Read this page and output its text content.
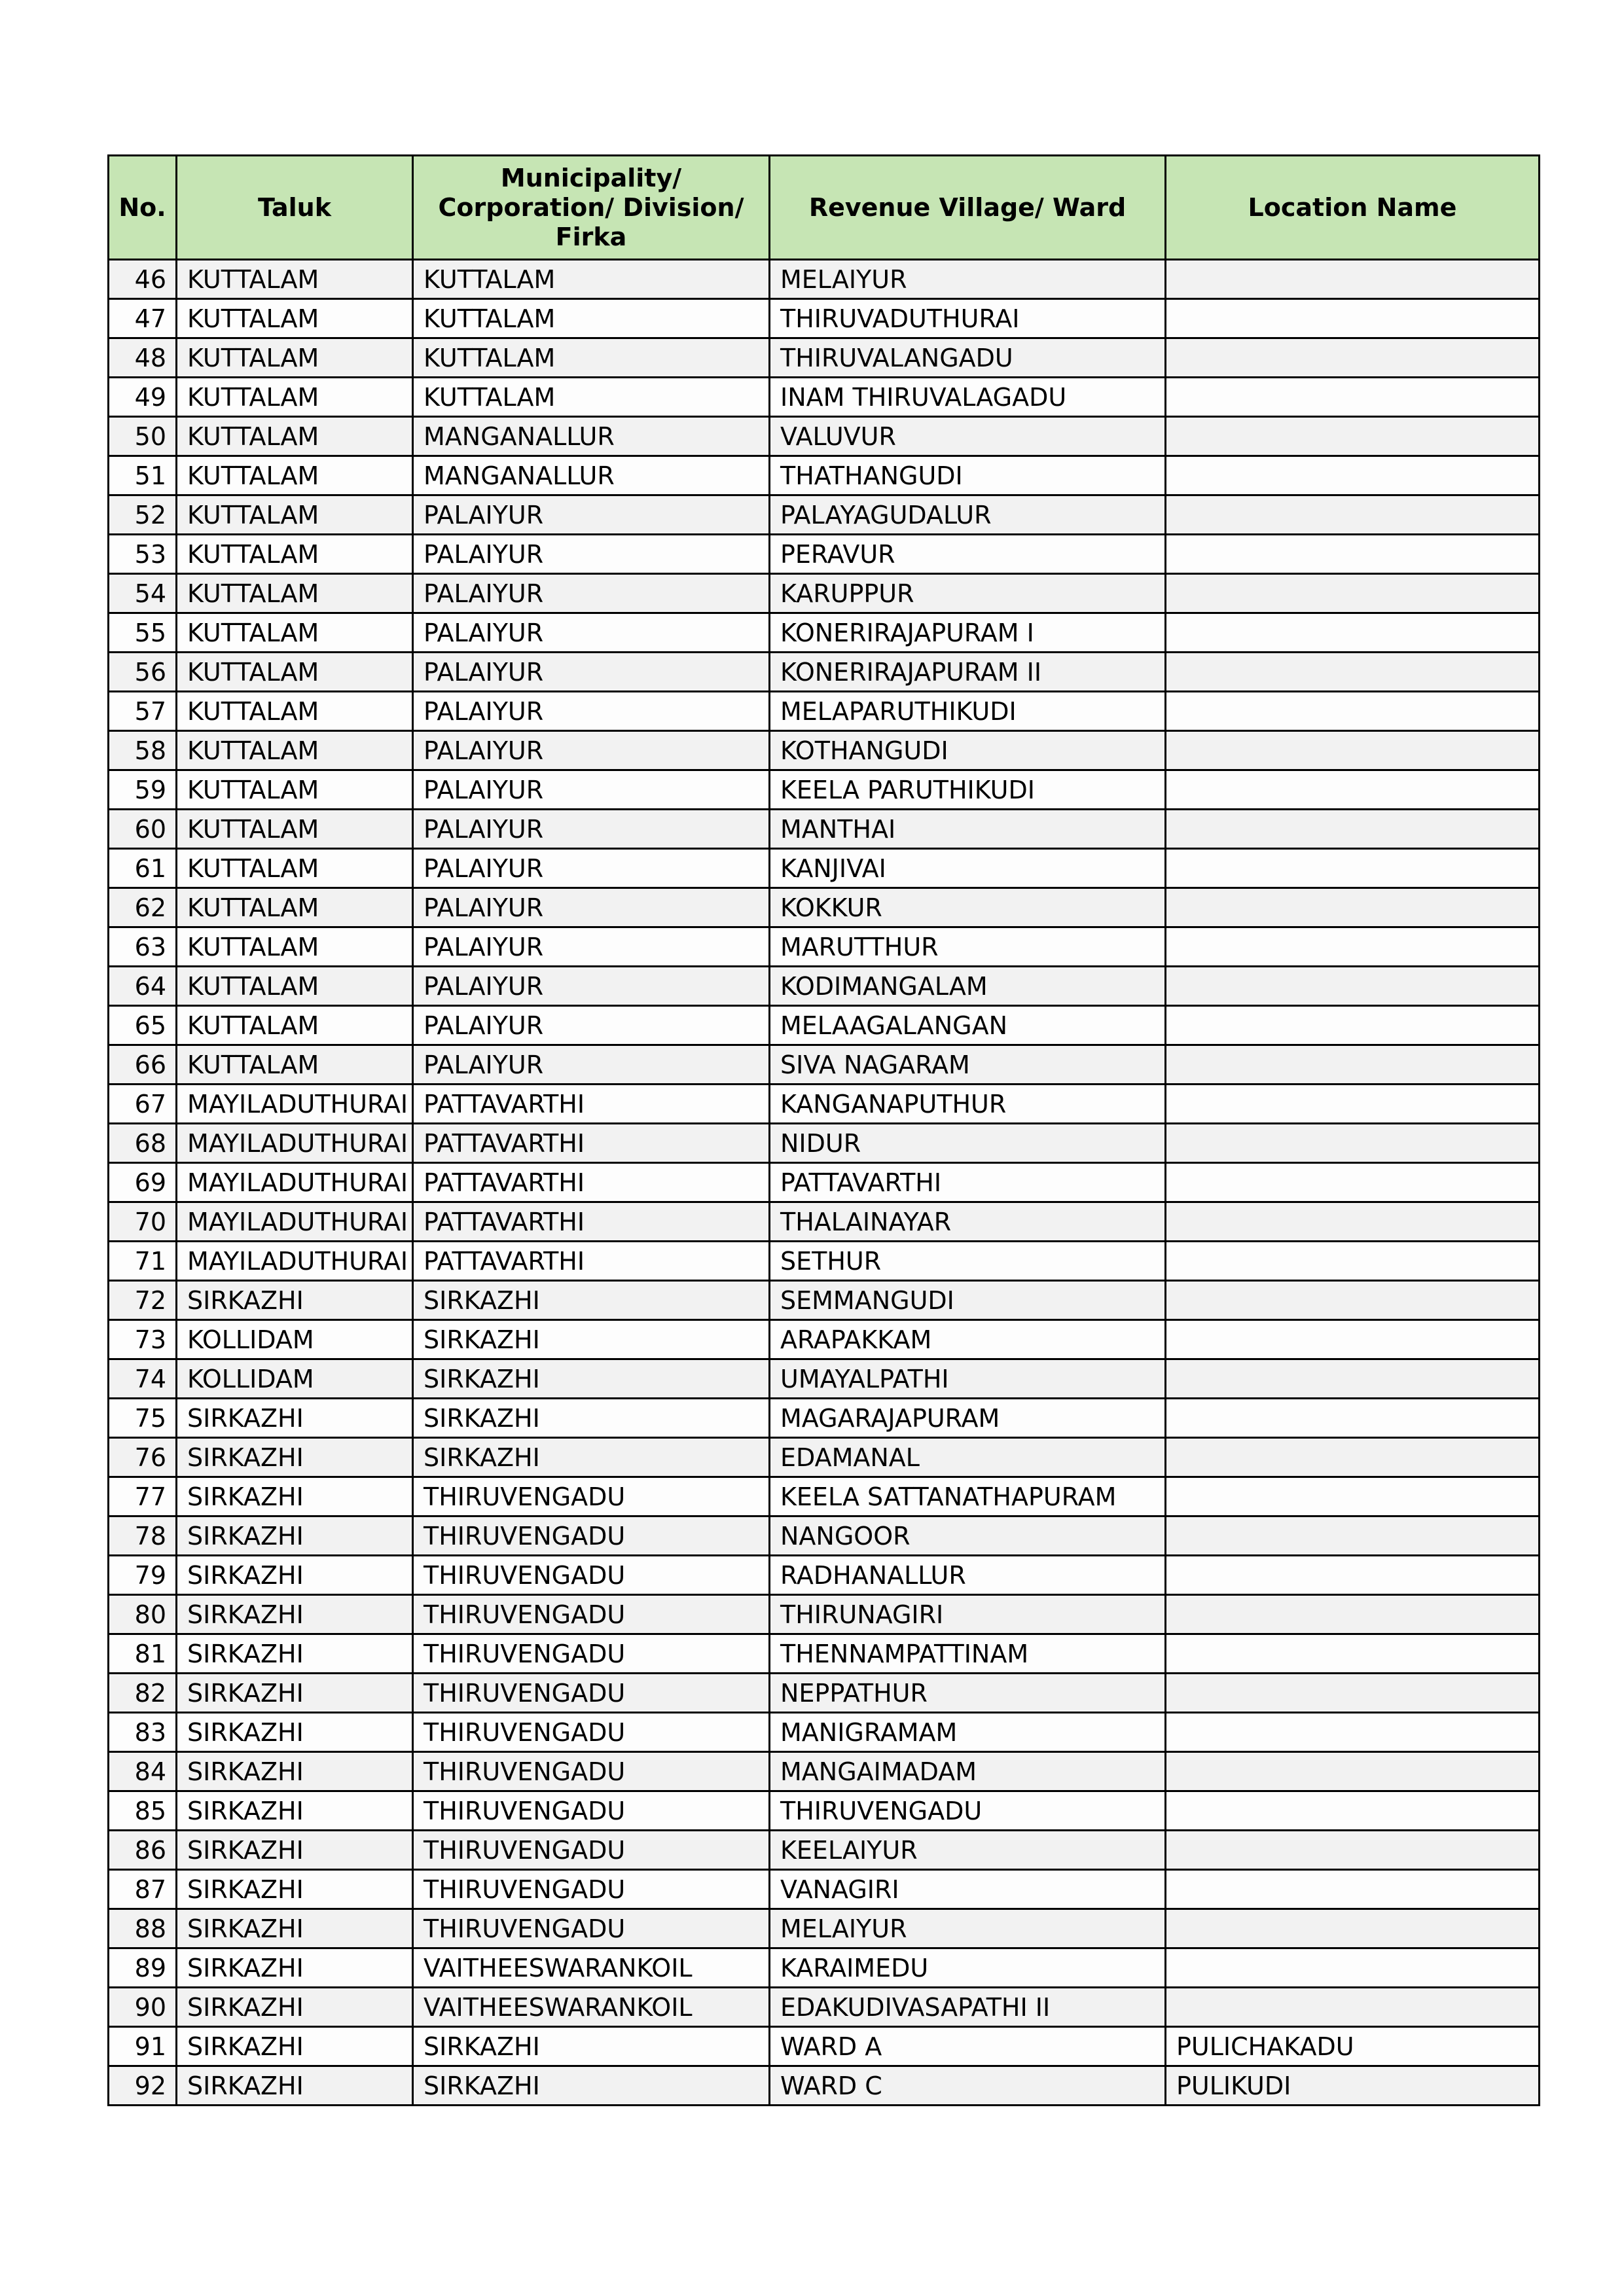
No.	Taluk	Municipality/ Corporation/ Division/ Firka	Revenue Village/ Ward	Location Name
46	KUTTALAM	KUTTALAM	MELAIYUR	
47	KUTTALAM	KUTTALAM	THIRUVADUTHURAI	
48	KUTTALAM	KUTTALAM	THIRUVALANGADU	
49	KUTTALAM	KUTTALAM	INAM THIRUVALAGADU	
50	KUTTALAM	MANGANALLUR	VALUVUR	
51	KUTTALAM	MANGANALLUR	THATHANGUDI	
52	KUTTALAM	PALAIYUR	PALAYAGUDALUR	
53	KUTTALAM	PALAIYUR	PERAVUR	
54	KUTTALAM	PALAIYUR	KARUPPUR	
55	KUTTALAM	PALAIYUR	KONERIRAJAPURAM I	
56	KUTTALAM	PALAIYUR	KONERIRAJAPURAM II	
57	KUTTALAM	PALAIYUR	MELAPARUTHIKUDI	
58	KUTTALAM	PALAIYUR	KOTHANGUDI	
59	KUTTALAM	PALAIYUR	KEELA PARUTHIKUDI	
60	KUTTALAM	PALAIYUR	MANTHAI	
61	KUTTALAM	PALAIYUR	KANJIVAI	
62	KUTTALAM	PALAIYUR	KOKKUR	
63	KUTTALAM	PALAIYUR	MARUTTHUR	
64	KUTTALAM	PALAIYUR	KODIMANGALAM	
65	KUTTALAM	PALAIYUR	MELAAGALANGAN	
66	KUTTALAM	PALAIYUR	SIVA NAGARAM	
67	MAYILADUTHURAI	PATTAVARTHI	KANGANAPUTHUR	
68	MAYILADUTHURAI	PATTAVARTHI	NIDUR	
69	MAYILADUTHURAI	PATTAVARTHI	PATTAVARTHI	
70	MAYILADUTHURAI	PATTAVARTHI	THALAINAYAR	
71	MAYILADUTHURAI	PATTAVARTHI	SETHUR	
72	SIRKAZHI	SIRKAZHI	SEMMANGUDI	
73	KOLLIDAM	SIRKAZHI	ARAPAKKAM	
74	KOLLIDAM	SIRKAZHI	UMAYALPATHI	
75	SIRKAZHI	SIRKAZHI	MAGARAJAPURAM	
76	SIRKAZHI	SIRKAZHI	EDAMANAL	
77	SIRKAZHI	THIRUVENGADU	KEELA SATTANATHAPURAM	
78	SIRKAZHI	THIRUVENGADU	NANGOOR	
79	SIRKAZHI	THIRUVENGADU	RADHANALLUR	
80	SIRKAZHI	THIRUVENGADU	THIRUNAGIRI	
81	SIRKAZHI	THIRUVENGADU	THENNAMPATTINAM	
82	SIRKAZHI	THIRUVENGADU	NEPPATHUR	
83	SIRKAZHI	THIRUVENGADU	MANIGRAMAM	
84	SIRKAZHI	THIRUVENGADU	MANGAIMADAM	
85	SIRKAZHI	THIRUVENGADU	THIRUVENGADU	
86	SIRKAZHI	THIRUVENGADU	KEELAIYUR	
87	SIRKAZHI	THIRUVENGADU	VANAGIRI	
88	SIRKAZHI	THIRUVENGADU	MELAIYUR	
89	SIRKAZHI	VAITHEESWARANKOIL	KARAIMEDU	
90	SIRKAZHI	VAITHEESWARANKOIL	EDAKUDIVASAPATHI II	
91	SIRKAZHI	SIRKAZHI	WARD A	PULICHAKADU
92	SIRKAZHI	SIRKAZHI	WARD C	PULIKUDI
